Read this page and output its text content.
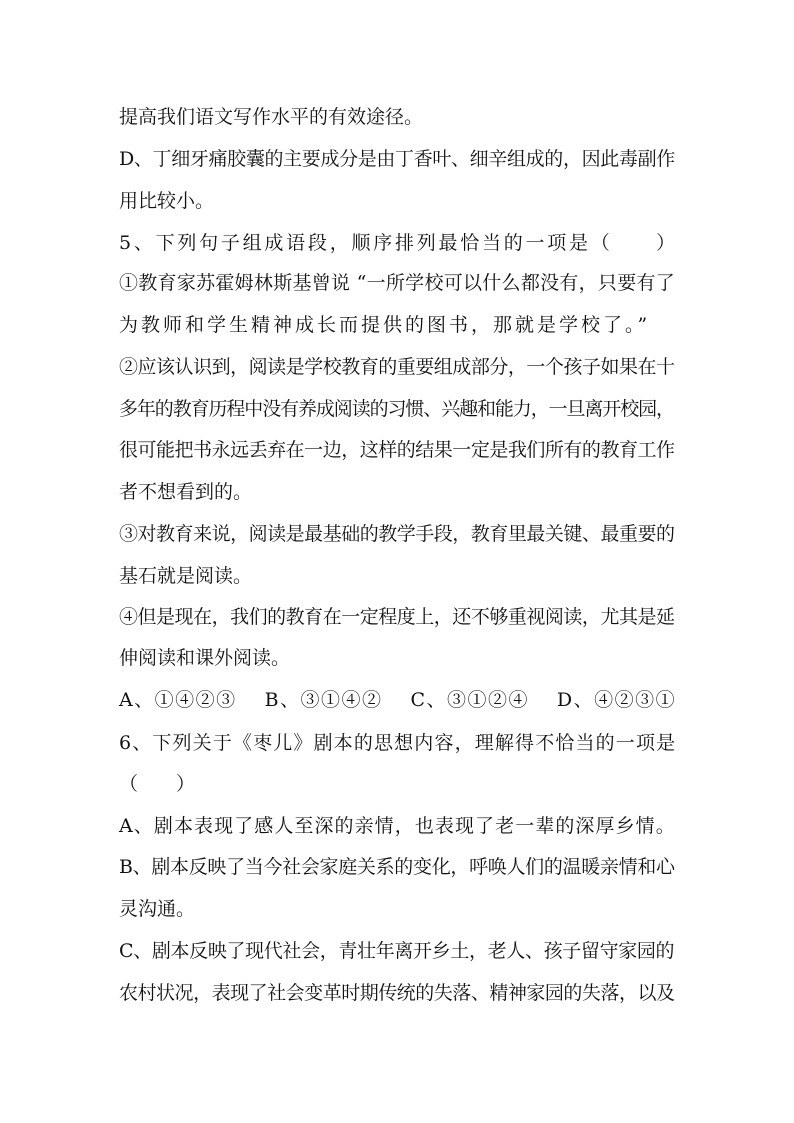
提高我们语文写作水平的有效途径。
D、丁细牙痛胶囊的主要成分是由丁香叶、细辛组成的，因此毒副作
用比较小。
5、下列句子组成语段，顺序排列最恰当的一项是（　　）
①教育家苏霍姆林斯基曾说 “一所学校可以什么都没有，只要有了
为教师和学生精神成长而提供的图书，那就是学校了。”
②应该认识到，阅读是学校教育的重要组成部分，一个孩子如果在十
多年的教育历程中没有养成阅读的习惯、兴趣和能力，一旦离开校园，
很可能把书永远丢弃在一边，这样的结果一定是我们所有的教育工作
者不想看到的。
③对教育来说，阅读是最基础的教学手段，教育里最关键、最重要的
基石就是阅读。
④但是现在，我们的教育在一定程度上，还不够重视阅读，尤其是延
伸阅读和课外阅读。
A、①④②③　 B、③①④②　 C、③①②④　 D、④②③①
6、下列关于《枣儿》剧本的思想内容，理解得不恰当的一项是
（　　）
A、剧本表现了感人至深的亲情，也表现了老一辈的深厚乡情。
B、剧本反映了当今社会家庭关系的变化，呼唤人们的温暖亲情和心
灵沟通。
C、剧本反映了现代社会，青壮年离开乡土，老人、孩子留守家园的
农村状况，表现了社会变革时期传统的失落、精神家园的失落，以及
